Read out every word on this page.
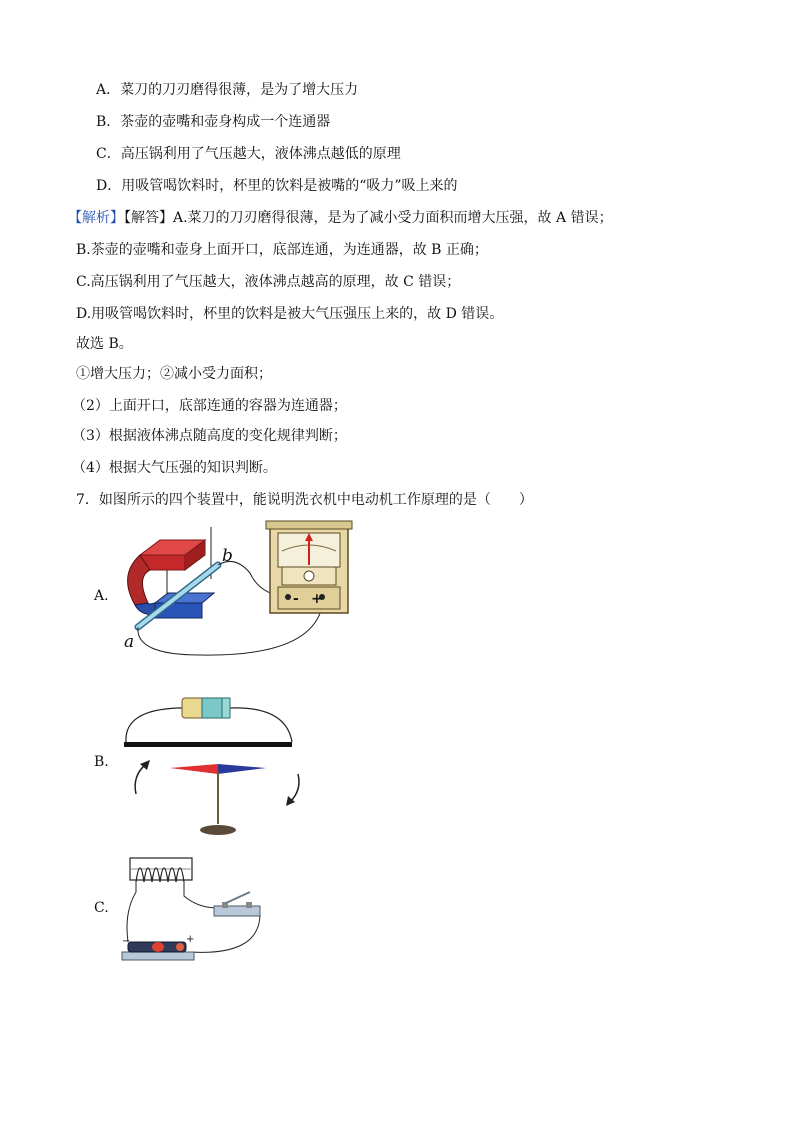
A．菜刀的刀刃磨得很薄，是为了增大压力
B．茶壶的壶嘴和壶身构成一个连通器
C．高压锅利用了气压越大，液体沸点越低的原理
D．用吸管喝饮料时，杯里的饮料是被嘴的“吸力”吸上来的
【解析】【解答】A.菜刀的刀刃磨得很薄，是为了减小受力面积而增大压强，故 A 错误；
B.茶壶的壶嘴和壶身上面开口，底部连通，为连通器，故 B 正确；
C.高压锅利用了气压越大，液体沸点越高的原理，故 C 错误；
D.用吸管喝饮料时，杯里的饮料是被大气压强压上来的，故 D 错误。
故选 B。
①增大压力；②减小受力面积；
（2）上面开口，底部连通的容器为连通器；
（3）根据液体沸点随高度的变化规律判断；
（4）根据大气压强的知识判断。
7．如图所示的四个装置中，能说明洗衣机中电动机工作原理的是（　　）
A.	- +
b
a
B.
C.
−	+
